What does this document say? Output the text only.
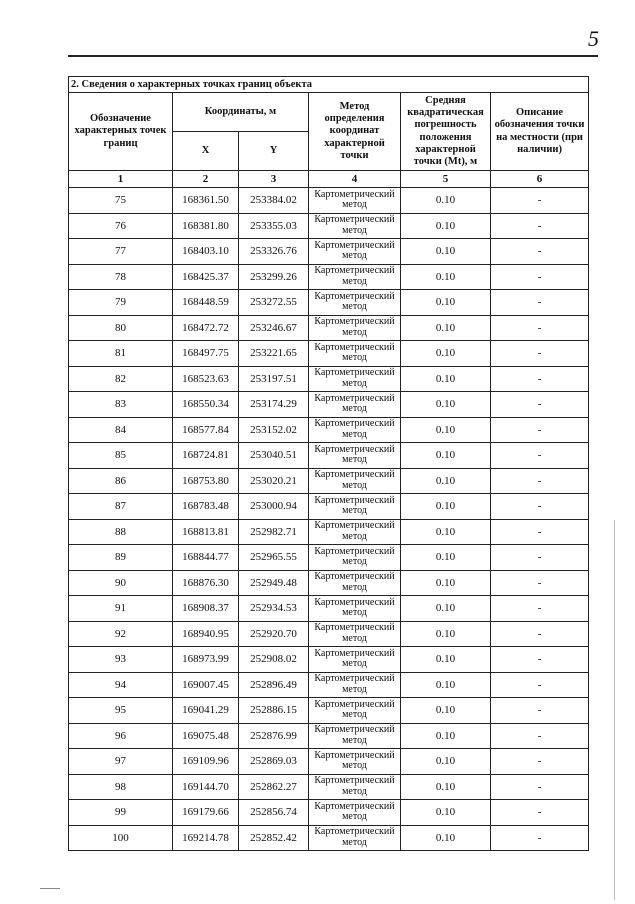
5
2. Сведения о характерных точках границ объекта					
Обозначение характерных точек границ	Координаты, м		Метод определения координат характерной точки	Средняя квадратическая погрешность положения характерной точки (Mt), м	Описание обозначения точки на местности (при наличии)
	X	Y			
1	2	3	4	5	6
75	168361.50	253384.02	Картометрический метод	0.10	-
76	168381.80	253355.03	Картометрический метод	0.10	-
77	168403.10	253326.76	Картометрический метод	0.10	-
78	168425.37	253299.26	Картометрический метод	0.10	-
79	168448.59	253272.55	Картометрический метод	0.10	-
80	168472.72	253246.67	Картометрический метод	0.10	-
81	168497.75	253221.65	Картометрический метод	0.10	-
82	168523.63	253197.51	Картометрический метод	0.10	-
83	168550.34	253174.29	Картометрический метод	0.10	-
84	168577.84	253152.02	Картометрический метод	0.10	-
85	168724.81	253040.51	Картометрический метод	0.10	-
86	168753.80	253020.21	Картометрический метод	0.10	-
87	168783.48	253000.94	Картометрический метод	0.10	-
88	168813.81	252982.71	Картометрический метод	0.10	-
89	168844.77	252965.55	Картометрический метод	0.10	-
90	168876.30	252949.48	Картометрический метод	0.10	-
91	168908.37	252934.53	Картометрический метод	0.10	-
92	168940.95	252920.70	Картометрический метод	0.10	-
93	168973.99	252908.02	Картометрический метод	0.10	-
94	169007.45	252896.49	Картометрический метод	0.10	-
95	169041.29	252886.15	Картометрический метод	0.10	-
96	169075.48	252876.99	Картометрический метод	0.10	-
97	169109.96	252869.03	Картометрический метод	0.10	-
98	169144.70	252862.27	Картометрический метод	0.10	-
99	169179.66	252856.74	Картометрический метод	0.10	-
100	169214.78	252852.42	Картометрический метод	0.10	-
